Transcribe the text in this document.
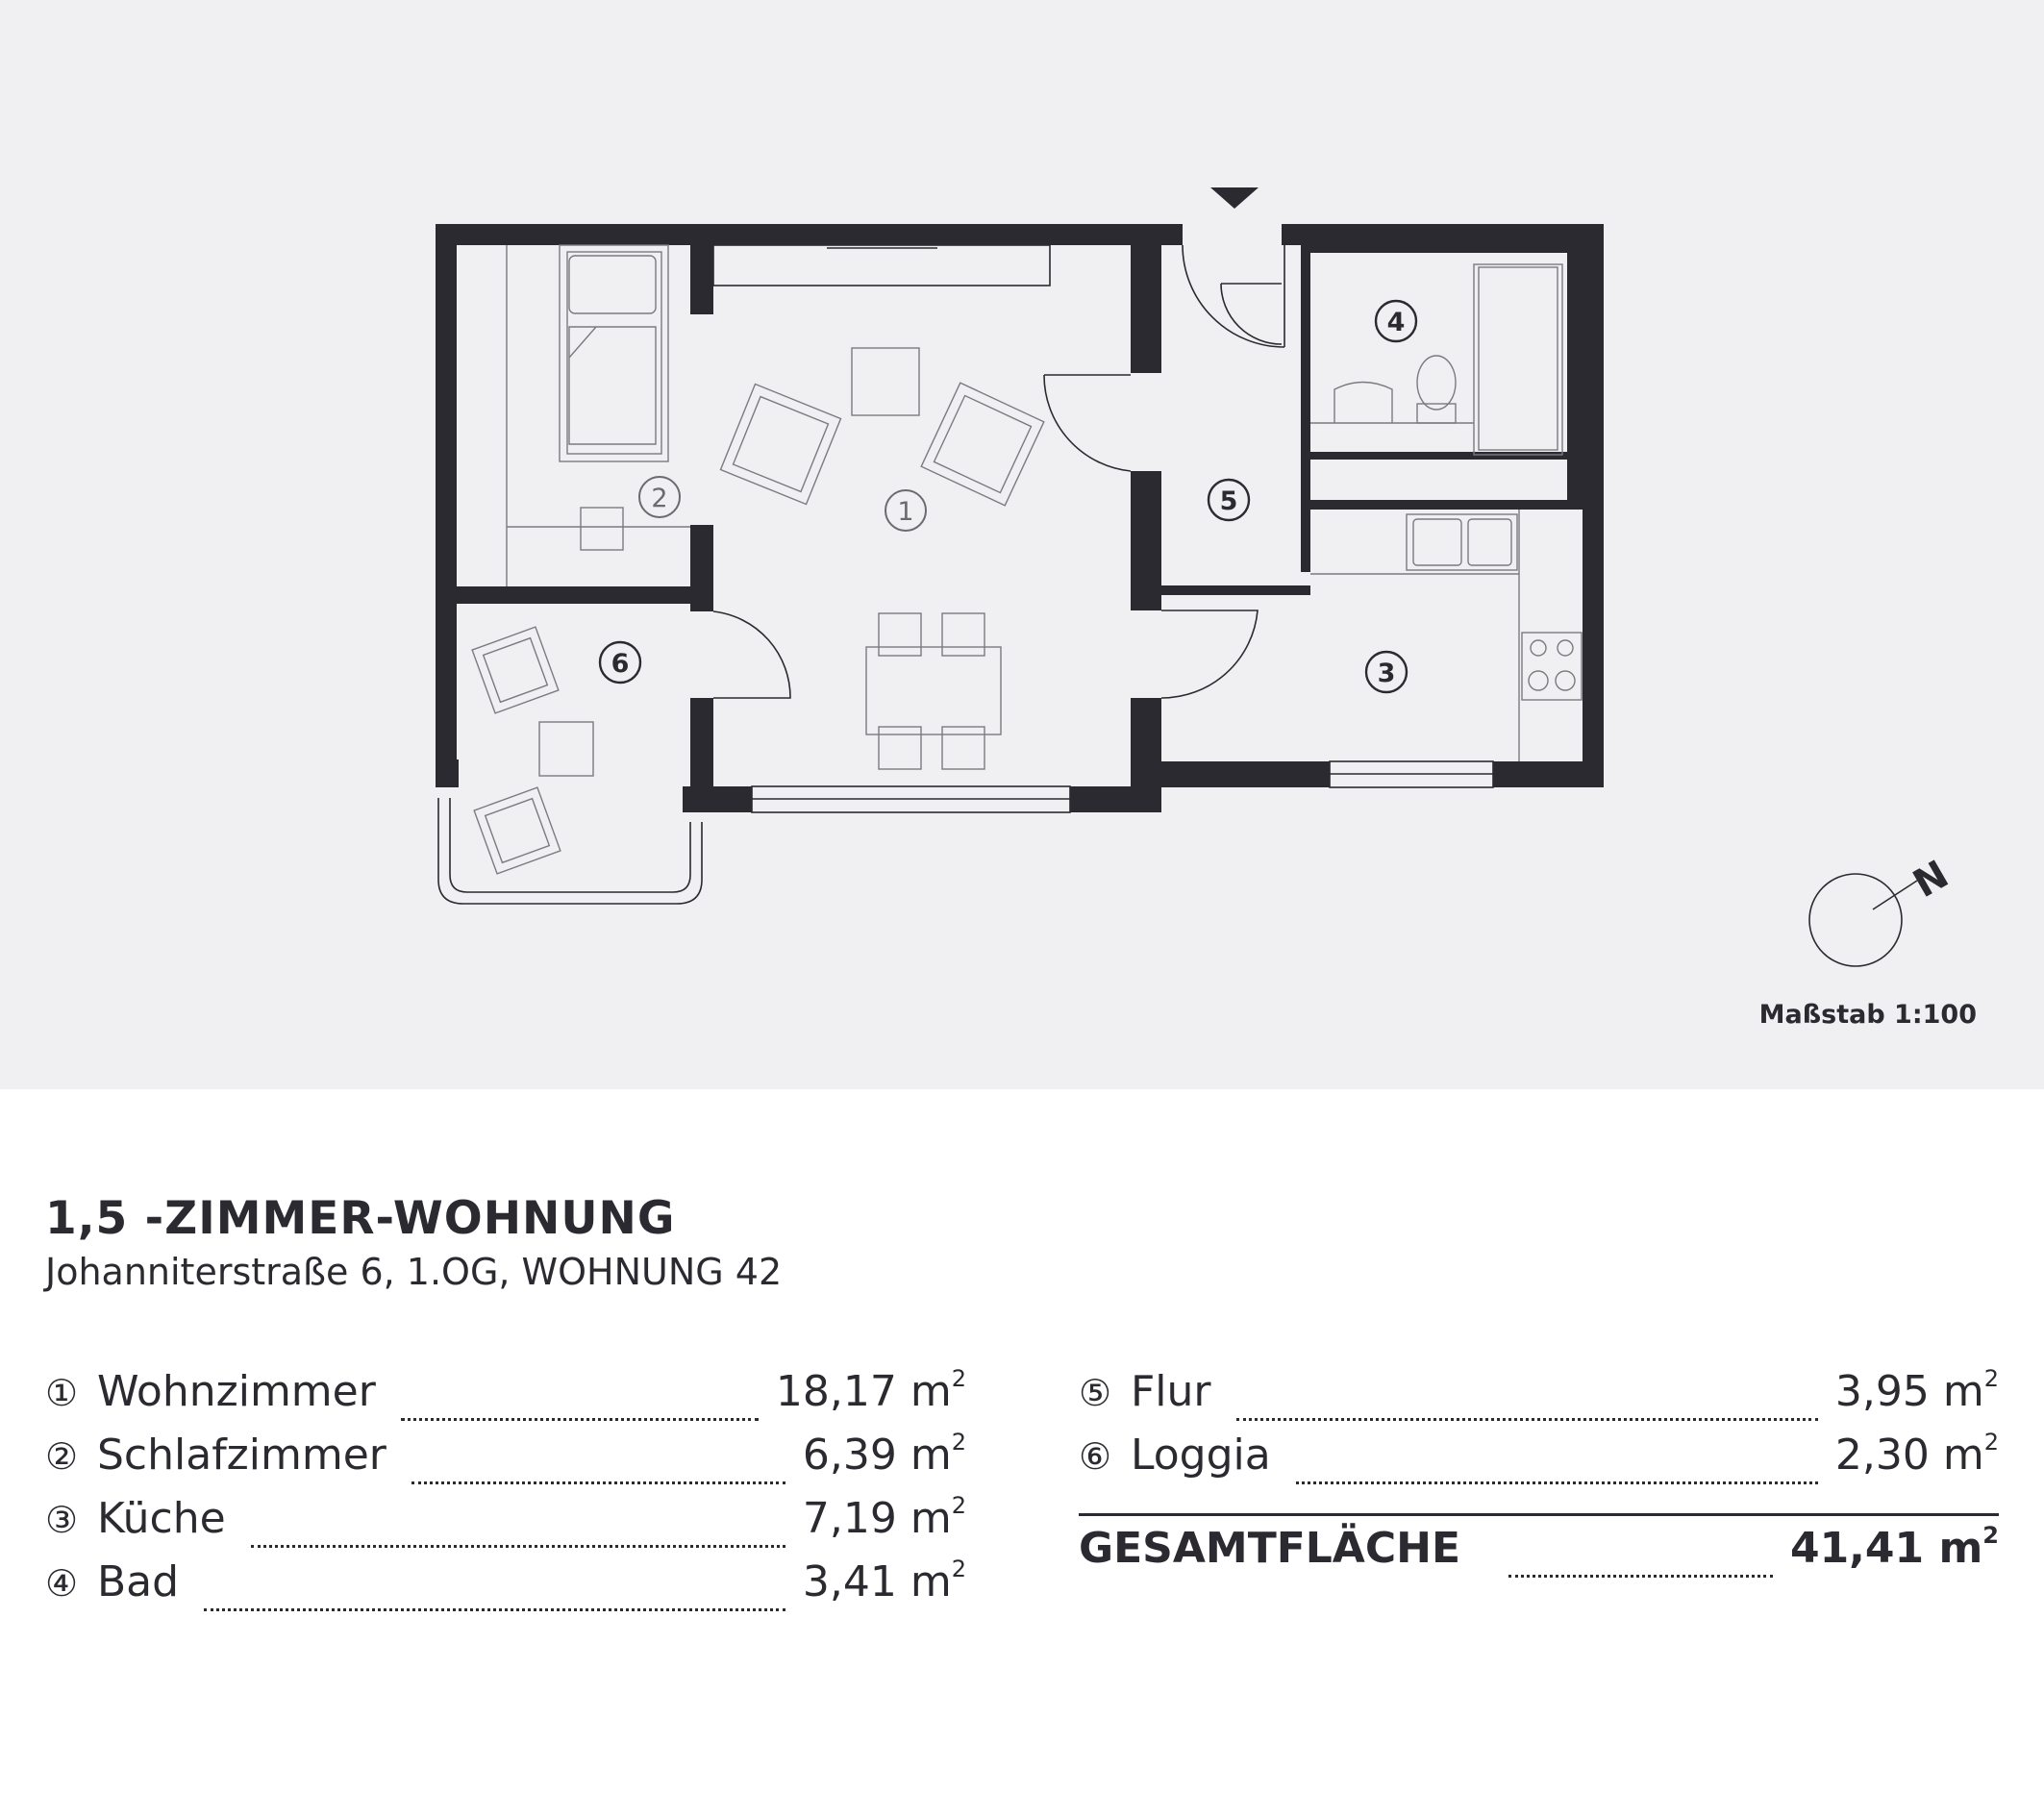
1
2
3
4
5
6
N
Maßstab 1:100
1,5 -ZIMMER-WOHNUNG
Johanniterstraße 6, 1.OG, WOHNUNG 42
① Wohnzimmer	18,17 $m^2$
② Schlafzimmer	6,39 $m^2$
③ Küche	7,19 $m^2$
④ Bad	3,41 $m^2$
⑤ Flur	3,95 $m^2$
⑥ Loggia	2,30 $m^2$
GESAMTFLÄCHE	41,41 $m^2$
